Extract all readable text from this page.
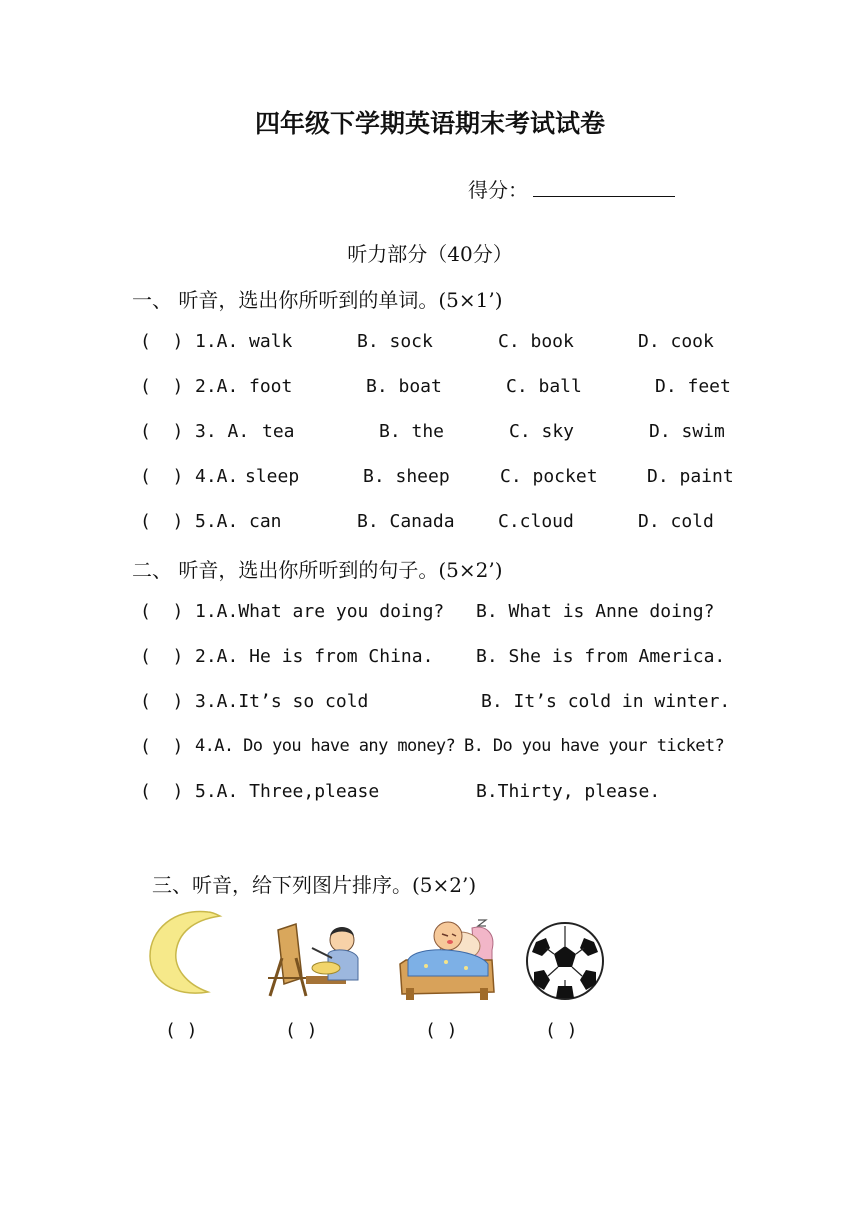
四年级下学期英语期末考试试卷
得分：
听力部分（40分）
一、 听音，选出你所听到的单词。(5×1’)
(  ) 1.A. walk	B. sock	C. book	D. cook
(  ) 2.A. foot	B. boat	C. ball	D. feet
(  ) 3. A. tea	B. the	C. sky	D. swim
(  ) 4.A. sleep	B. sheep	C. pocket	D. paint
(  ) 5.A. can	B. Canada C.cloud	D. cold
二、 听音，选出你所听到的句子。(5×2’)
(  ) 1.A.What are you doing? B. What is Anne doing?
(  ) 2.A. He is from China. B. She is from America.
(  ) 3.A.It’s so cold	B. It’s cold in winter.
(  ) 4.A. Do you have any money? B. Do you have your ticket?
(  ) 5.A. Three,please	B.Thirty, please.
三、听音，给下列图片排序。(5×2’)
( )	( )	( )	( )
